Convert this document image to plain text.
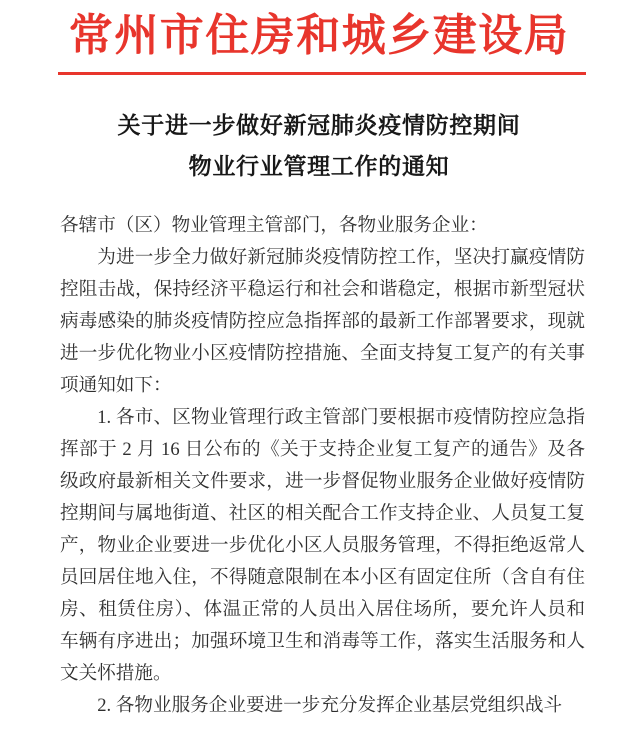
常州市住房和城乡建设局
关于进一步做好新冠肺炎疫情防控期间
物业行业管理工作的通知

各辖市（区）物业管理主管部门，各物业服务企业：

为进一步全力做好新冠肺炎疫情防控工作，坚决打赢疫情防控阻击战，保持经济平稳运行和社会和谐稳定，根据市新型冠状病毒感染的肺炎疫情防控应急指挥部的最新工作部署要求，现就进一步优化物业小区疫情防控措施、全面支持复工复产的有关事项通知如下：

1. 各市、区物业管理行政主管部门要根据市疫情防控应急指挥部于 2 月 16 日公布的《关于支持企业复工复产的通告》及各级政府最新相关文件要求，进一步督促物业服务企业做好疫情防控期间与属地街道、社区的相关配合工作支持企业、人员复工复产，物业企业要进一步优化小区人员服务管理，不得拒绝返常人员回居住地入住，不得随意限制在本小区有固定住所（含自有住房、租赁住房）、体温正常的人员出入居住场所，要允许人员和车辆有序进出；加强环境卫生和消毒等工作，落实生活服务和人文关怀措施。

2. 各物业服务企业要进一步充分发挥企业基层党组织战斗
